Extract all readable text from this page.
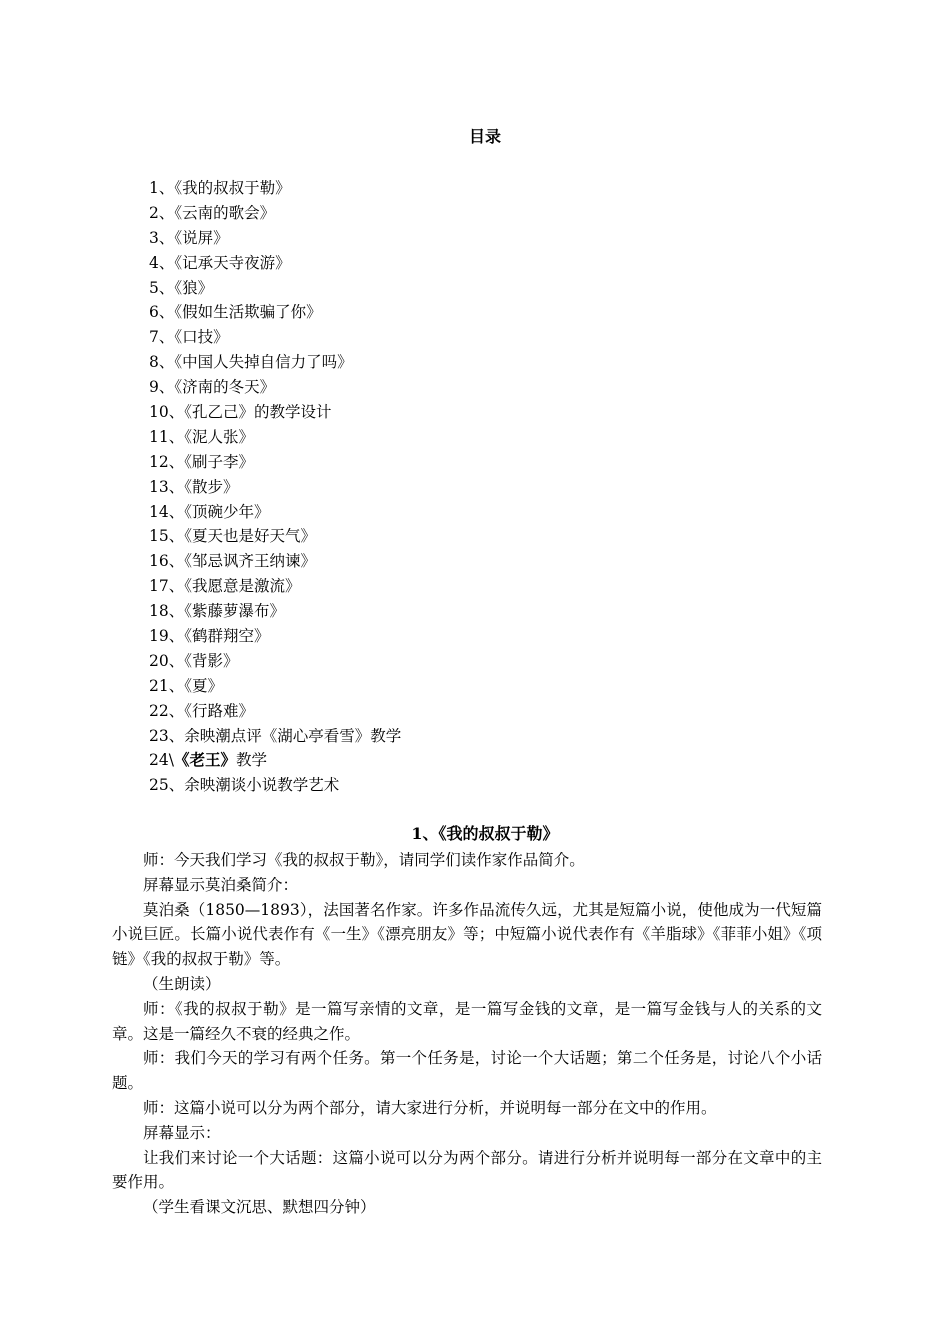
目录
1、《我的叔叔于勒》
2、《云南的歌会》
3、《说屏》
4、《记承天寺夜游》
5、《狼》
6、《假如生活欺骗了你》
7、《口技》
8、《中国人失掉自信力了吗》
9、《济南的冬天》
10、《孔乙己》的教学设计
11、《泥人张》
12、《刷子李》
13、《散步》
14、《顶碗少年》
15、《夏天也是好天气》
16、《邹忌讽齐王纳谏》
17、《我愿意是激流》
18、《紫藤萝瀑布》
19、《鹤群翔空》
20、《背影》
21、《夏》
22、《行路难》
23、余映潮点评《湖心亭看雪》教学
24\《老王》教学
25、余映潮谈小说教学艺术
1、《我的叔叔于勒》

师：今天我们学习《我的叔叔于勒》，请同学们读作家作品简介。

屏幕显示莫泊桑简介：

莫泊桑（1850—1893），法国著名作家。许多作品流传久远，尤其是短篇小说，使他成为一代短篇小说巨匠。长篇小说代表作有《一生》《漂亮朋友》等；中短篇小说代表作有《羊脂球》《菲菲小姐》《项链》《我的叔叔于勒》等。

（生朗读）

师：《我的叔叔于勒》是一篇写亲情的文章，是一篇写金钱的文章，是一篇写金钱与人的关系的文章。这是一篇经久不衰的经典之作。

师：我们今天的学习有两个任务。第一个任务是，讨论一个大话题；第二个任务是，讨论八个小话题。

师：这篇小说可以分为两个部分，请大家进行分析，并说明每一部分在文中的作用。

屏幕显示：

让我们来讨论一个大话题：这篇小说可以分为两个部分。请进行分析并说明每一部分在文章中的主要作用。

（学生看课文沉思、默想四分钟）
